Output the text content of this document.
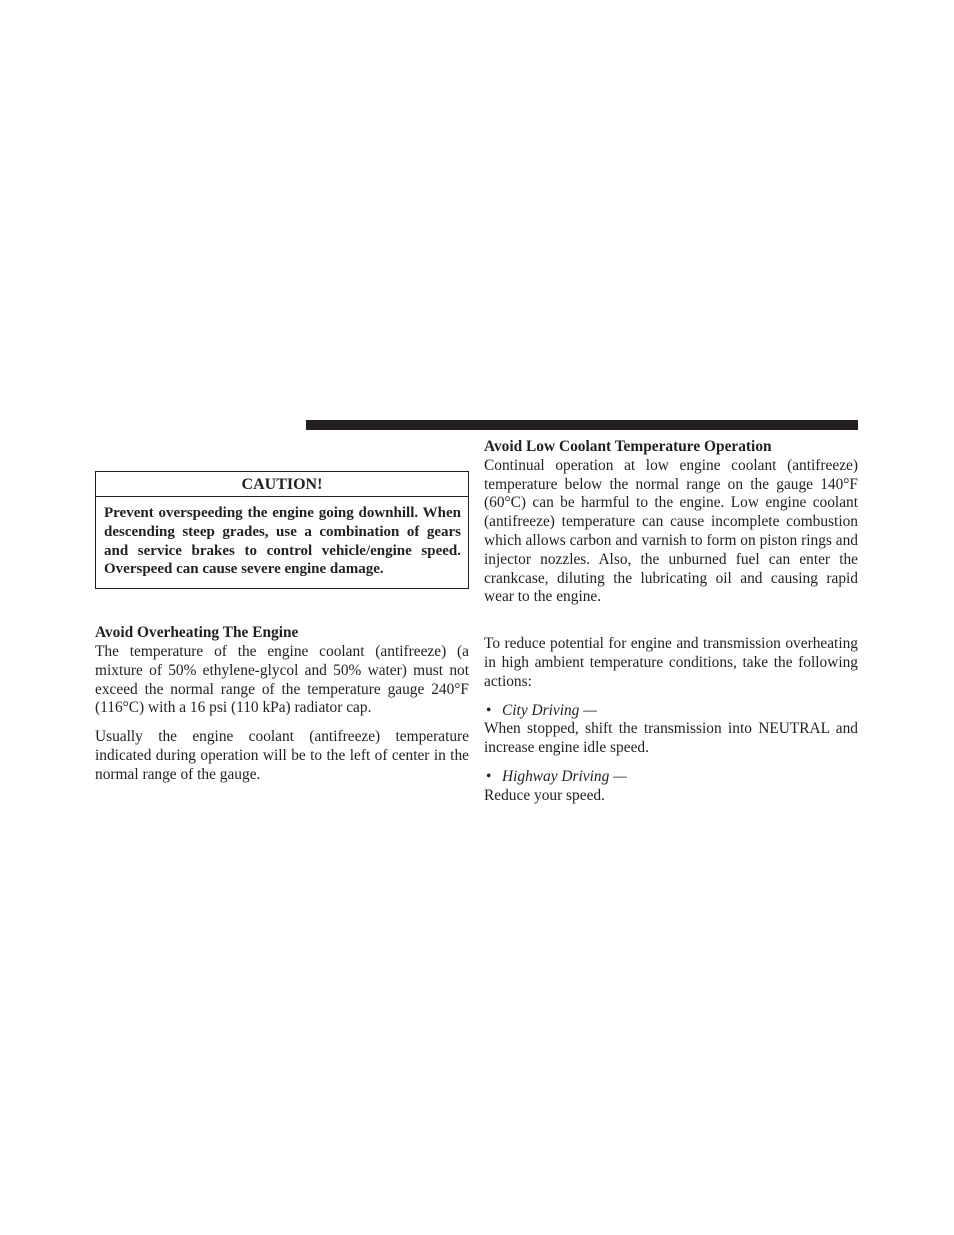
CAUTION!
Prevent overspeeding the engine going downhill. When descending steep grades, use a combination of gears and service brakes to control vehicle/engine speed. Overspeed can cause severe engine damage.
Avoid Overheating The Engine

The temperature of the engine coolant (antifreeze) (a mixture of 50% ethylene-glycol and 50% water) must not exceed the normal range of the temperature gauge 240°F (116°C) with a 16 psi (110 kPa) radiator cap.

Usually the engine coolant (antifreeze) temperature indicated during operation will be to the left of center in the normal range of the gauge.

Avoid Low Coolant Temperature Operation

Continual operation at low engine coolant (antifreeze) temperature below the normal range on the gauge 140°F (60°C) can be harmful to the engine. Low engine coolant (antifreeze) temperature can cause incomplete combustion which allows carbon and varnish to form on piston rings and injector nozzles. Also, the unburned fuel can enter the crankcase, diluting the lubricating oil and causing rapid wear to the engine.

To reduce potential for engine and transmission overheating in high ambient temperature conditions, take the following actions:

• City Driving —

When stopped, shift the transmission into NEUTRAL and increase engine idle speed.

• Highway Driving —

Reduce your speed.
